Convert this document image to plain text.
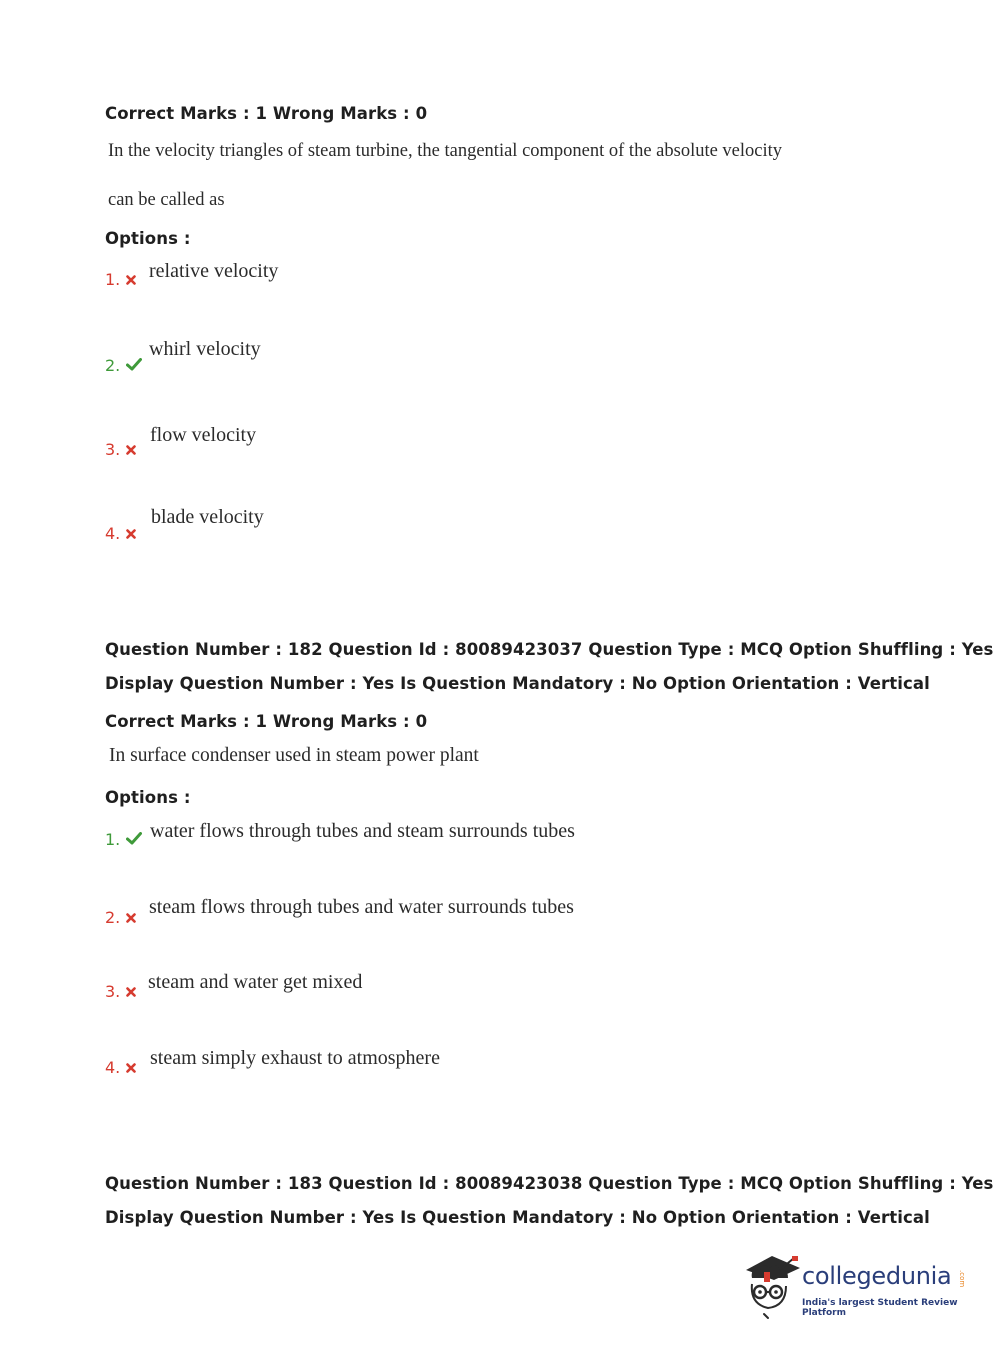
Correct Marks : 1 Wrong Marks : 0
In the velocity triangles of steam turbine, the tangential component of the absolute velocity
can be called as
Options :
1.	relative velocity
2.
whirl velocity
3.
flow velocity
4.
blade velocity
Question Number : 182 Question Id : 80089423037 Question Type : MCQ Option Shuffling : Yes
Display Question Number : Yes Is Question Mandatory : No Option Orientation : Vertical
Correct Marks : 1 Wrong Marks : 0
In surface condenser used in steam power plant
Options :
1.	water flows through tubes and steam surrounds tubes
2.	steam flows through tubes and water surrounds tubes
3.	steam and water get mixed
4.	steam simply exhaust to atmosphere
Question Number : 183 Question Id : 80089423038 Question Type : MCQ Option Shuffling : Yes
Display Question Number : Yes Is Question Mandatory : No Option Orientation : Vertical
collegedunia .com
India's largest Student Review Platform
